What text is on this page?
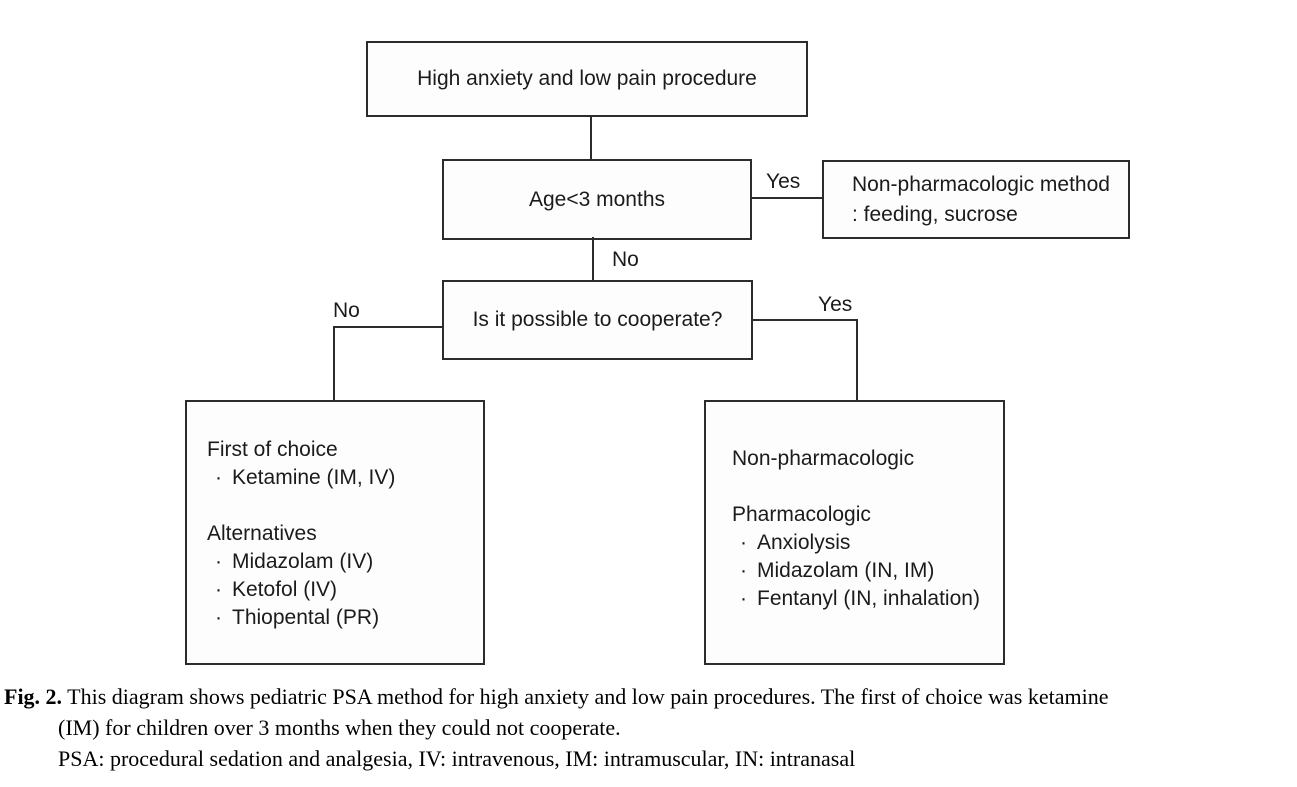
High anxiety and low pain procedure
Age<3 months
Yes Non-pharmacologic method
: feeding, sucrose
No
Is it possible to cooperate?
No	Yes
First of choice
· Ketamine (IM, IV)
Alternatives
· Midazolam (IV)
· Ketofol (IV)
· Thiopental (PR)
Non-pharmacologic
Pharmacologic
· Anxiolysis
· Midazolam (IN, IM)
· Fentanyl (IN, inhalation)

Fig. 2. This diagram shows pediatric PSA method for high anxiety and low pain procedures. The first of choice was ketamine

(IM) for children over 3 months when they could not cooperate.

PSA: procedural sedation and analgesia, IV: intravenous, IM: intramuscular, IN: intranasal
